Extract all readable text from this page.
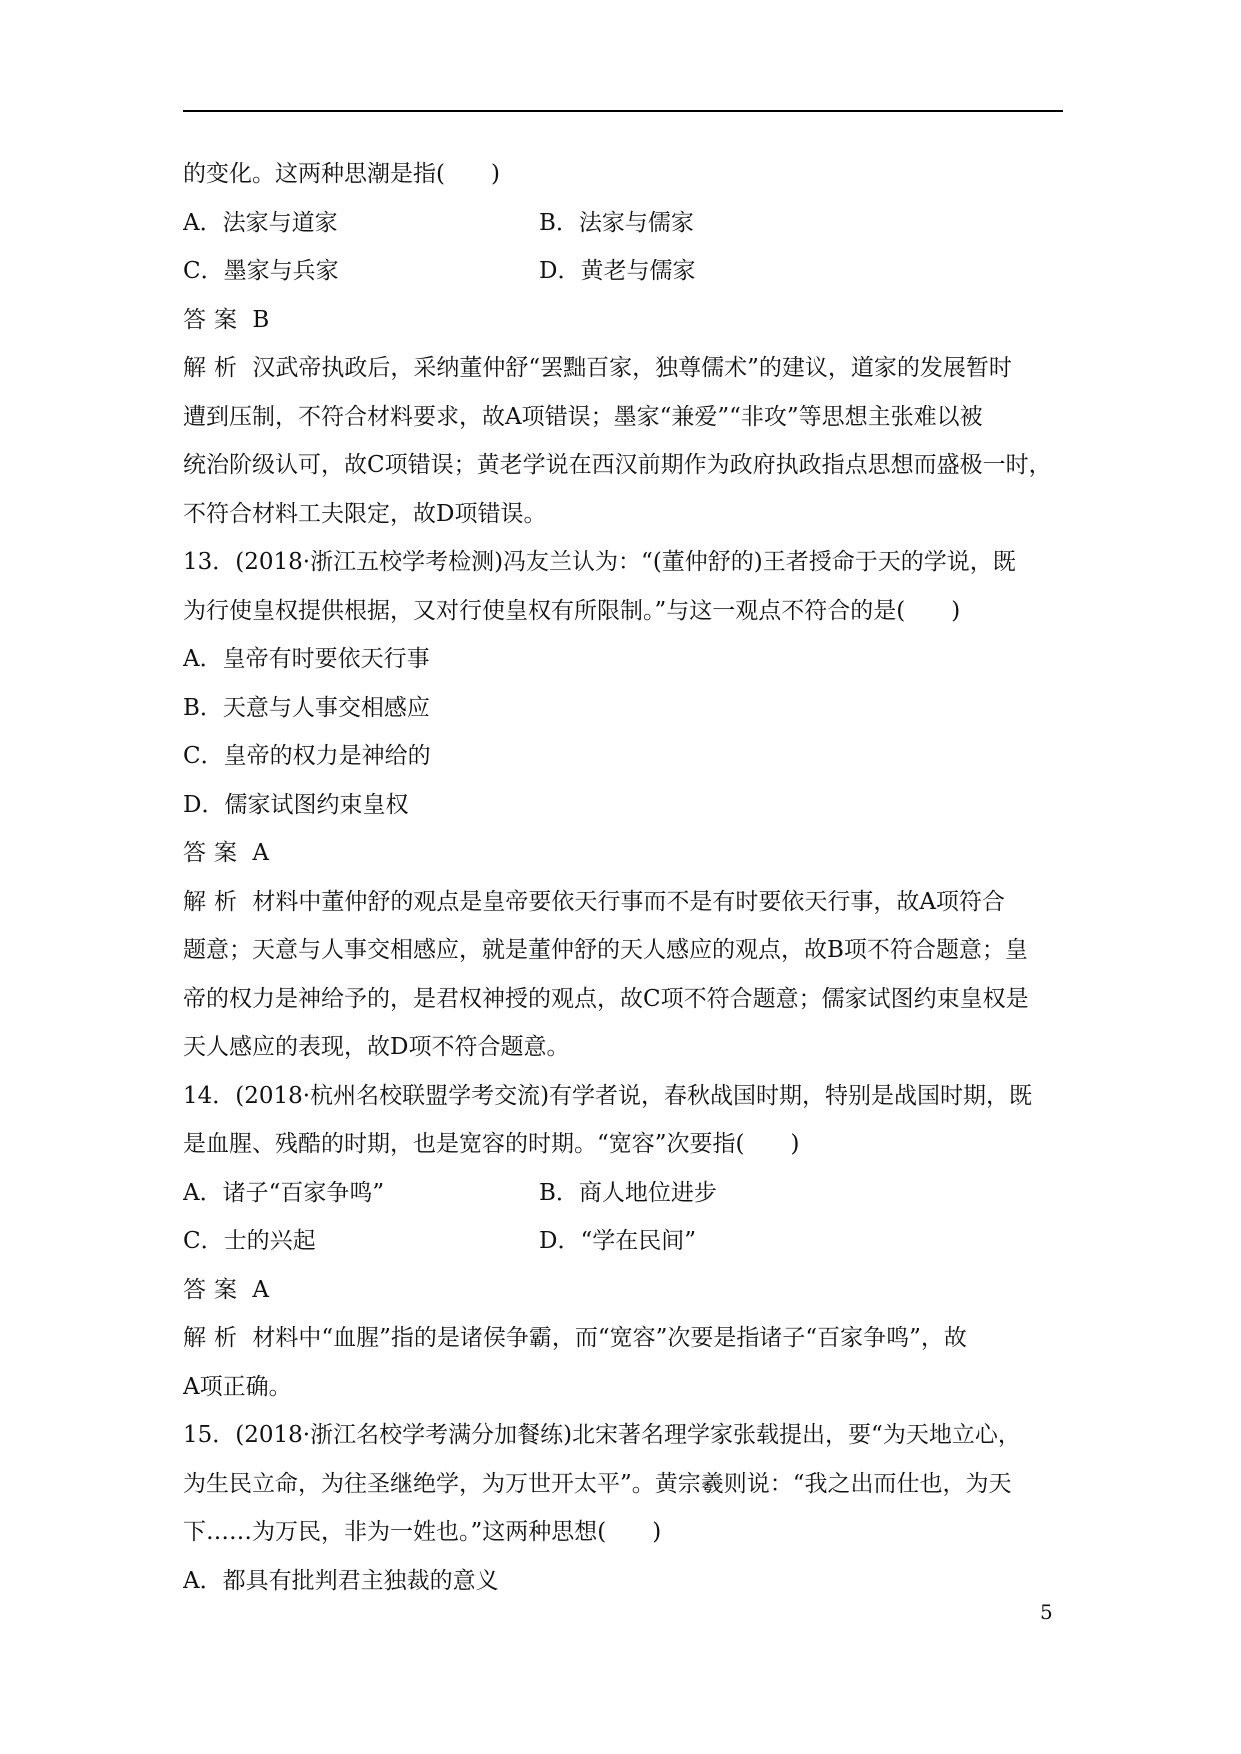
的变化。这两种思潮是指(　　)
A．法家与道家	B．法家与儒家
C．墨家与兵家	D．黄老与儒家
答案 B
解析 汉武帝执政后，采纳董仲舒“罢黜百家，独尊儒术”的建议，道家的发展暂时
遭到压制，不符合材料要求，故A项错误；墨家“兼爱”“非攻”等思想主张难以被
统治阶级认可，故C项错误；黄老学说在西汉前期作为政府执政指点思想而盛极一时，
不符合材料工夫限定，故D项错误。
13．(2018·浙江五校学考检测)冯友兰认为：“(董仲舒的)王者授命于天的学说，既
为行使皇权提供根据，又对行使皇权有所限制。”与这一观点不符合的是(　　)
A．皇帝有时要依天行事
B．天意与人事交相感应
C．皇帝的权力是神给的
D．儒家试图约束皇权
答案 A
解析 材料中董仲舒的观点是皇帝要依天行事而不是有时要依天行事，故A项符合
题意；天意与人事交相感应，就是董仲舒的天人感应的观点，故B项不符合题意；皇
帝的权力是神给予的，是君权神授的观点，故C项不符合题意；儒家试图约束皇权是
天人感应的表现，故D项不符合题意。
14．(2018·杭州名校联盟学考交流)有学者说，春秋战国时期，特别是战国时期，既
是血腥、残酷的时期，也是宽容的时期。“宽容”次要指(　　)
A．诸子“百家争鸣”	B．商人地位进步
C．士的兴起	D．“学在民间”
答案 A
解析 材料中“血腥”指的是诸侯争霸，而“宽容”次要是指诸子“百家争鸣”，故
A项正确。
15．(2018·浙江名校学考满分加餐练)北宋著名理学家张载提出，要“为天地立心，
为生民立命，为往圣继绝学，为万世开太平”。黄宗羲则说：“我之出而仕也，为天
下……为万民，非为一姓也。”这两种思想(　　)
A．都具有批判君主独裁的意义
5
